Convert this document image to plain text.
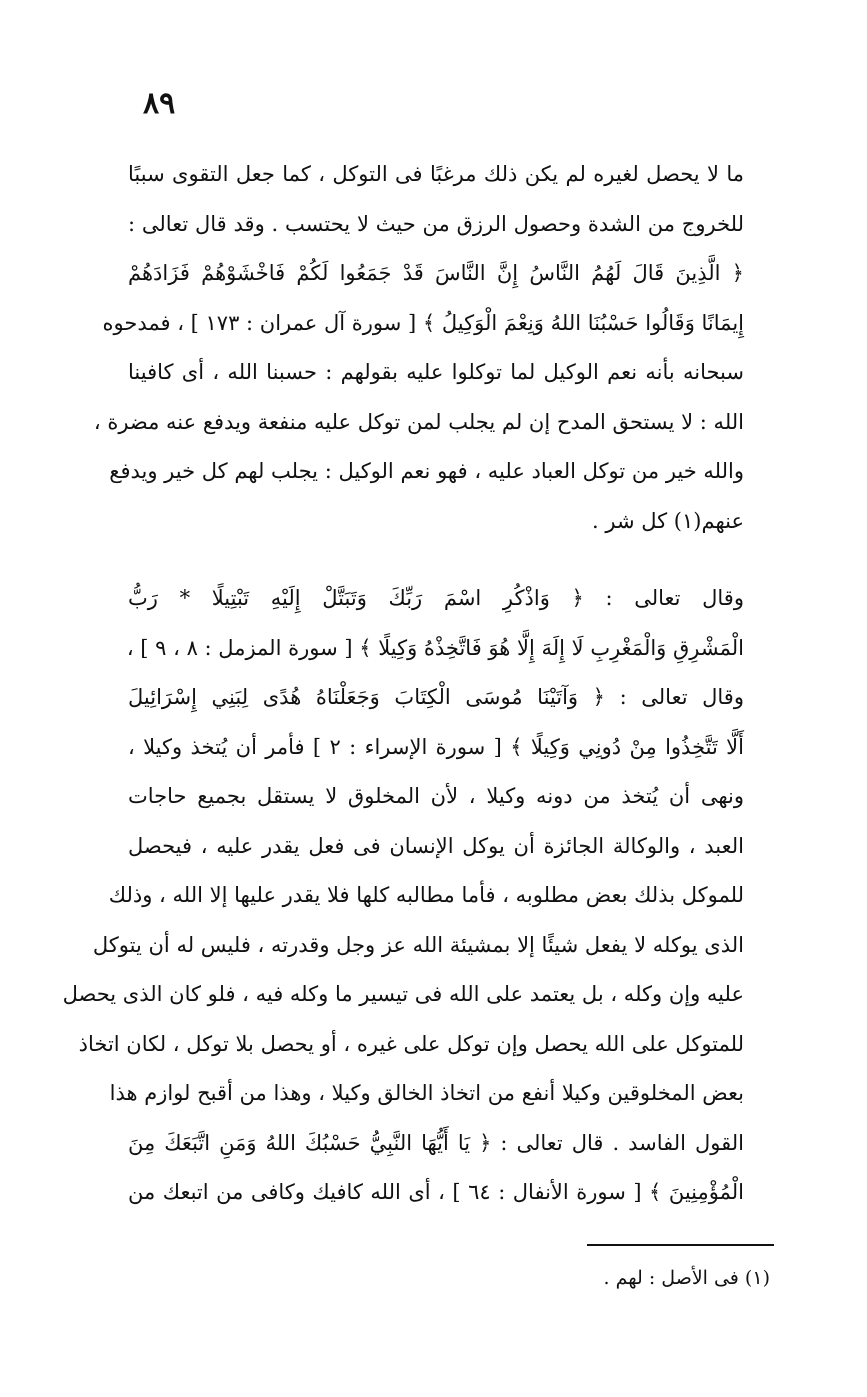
٨٩
ما لا يحصل لغيره لم يكن ذلك مرغبًا فى التوكل ، كما جعل التقوى سببًا
للخروج من الشدة وحصول الرزق من حيث لا يحتسب . وقد قال تعالى :
﴿ الَّذِينَ قَالَ لَهُمُ النَّاسُ إِنَّ النَّاسَ قَدْ جَمَعُوا لَكُمْ فَاخْشَوْهُمْ فَزَادَهُمْ
إِيمَانًا وَقَالُوا حَسْبُنَا اللهُ وَنِعْمَ الْوَكِيلُ ﴾ [ سورة آل عمران : ١٧٣ ] ، فمدحوه
سبحانه بأنه نعم الوكيل لما توكلوا عليه بقولهم : حسبنا الله ، أى كافينا
الله : لا يستحق المدح إن لم يجلب لمن توكل عليه منفعة ويدفع عنه مضرة ،
والله خير من توكل العباد عليه ، فهو نعم الوكيل : يجلب لهم كل خير ويدفع
عنهم(١) كل شر .
وقال تعالى : ﴿ وَاذْكُرِ اسْمَ رَبِّكَ وَتَبَتَّلْ إِلَيْهِ تَبْتِيلًا * رَبُّ
الْمَشْرِقِ وَالْمَغْرِبِ لَا إِلَهَ إِلَّا هُوَ فَاتَّخِذْهُ وَكِيلًا ﴾ [ سورة المزمل : ٨ ، ٩ ] ،
وقال تعالى : ﴿ وَآتَيْنَا مُوسَى الْكِتَابَ وَجَعَلْنَاهُ هُدًى لِبَنِي إِسْرَائِيلَ
أَلَّا تَتَّخِذُوا مِنْ دُونِي وَكِيلًا ﴾ [ سورة الإسراء : ٢ ] فأمر أن يُتخذ وكيلا ،
ونهى أن يُتخذ من دونه وكيلا ، لأن المخلوق لا يستقل بجميع حاجات
العبد ، والوكالة الجائزة أن يوكل الإنسان فى فعل يقدر عليه ، فيحصل
للموكل بذلك بعض مطلوبه ، فأما مطالبه كلها فلا يقدر عليها إلا الله ، وذلك
الذى يوكله لا يفعل شيئًا إلا بمشيئة الله عز وجل وقدرته ، فليس له أن يتوكل
عليه وإن وكله ، بل يعتمد على الله فى تيسير ما وكله فيه ، فلو كان الذى يحصل
للمتوكل على الله يحصل وإن توكل على غيره ، أو يحصل بلا توكل ، لكان اتخاذ
بعض المخلوقين وكيلا أنفع من اتخاذ الخالق وكيلا ، وهذا من أقبح لوازم هذا
القول الفاسد . قال تعالى : ﴿ يَا أَيُّهَا النَّبِيُّ حَسْبُكَ اللهُ وَمَنِ اتَّبَعَكَ مِنَ
الْمُؤْمِنِينَ ﴾ [ سورة الأنفال : ٦٤ ] ، أى الله كافيك وكافى من اتبعك من
(١) فى الأصل : لهم .
